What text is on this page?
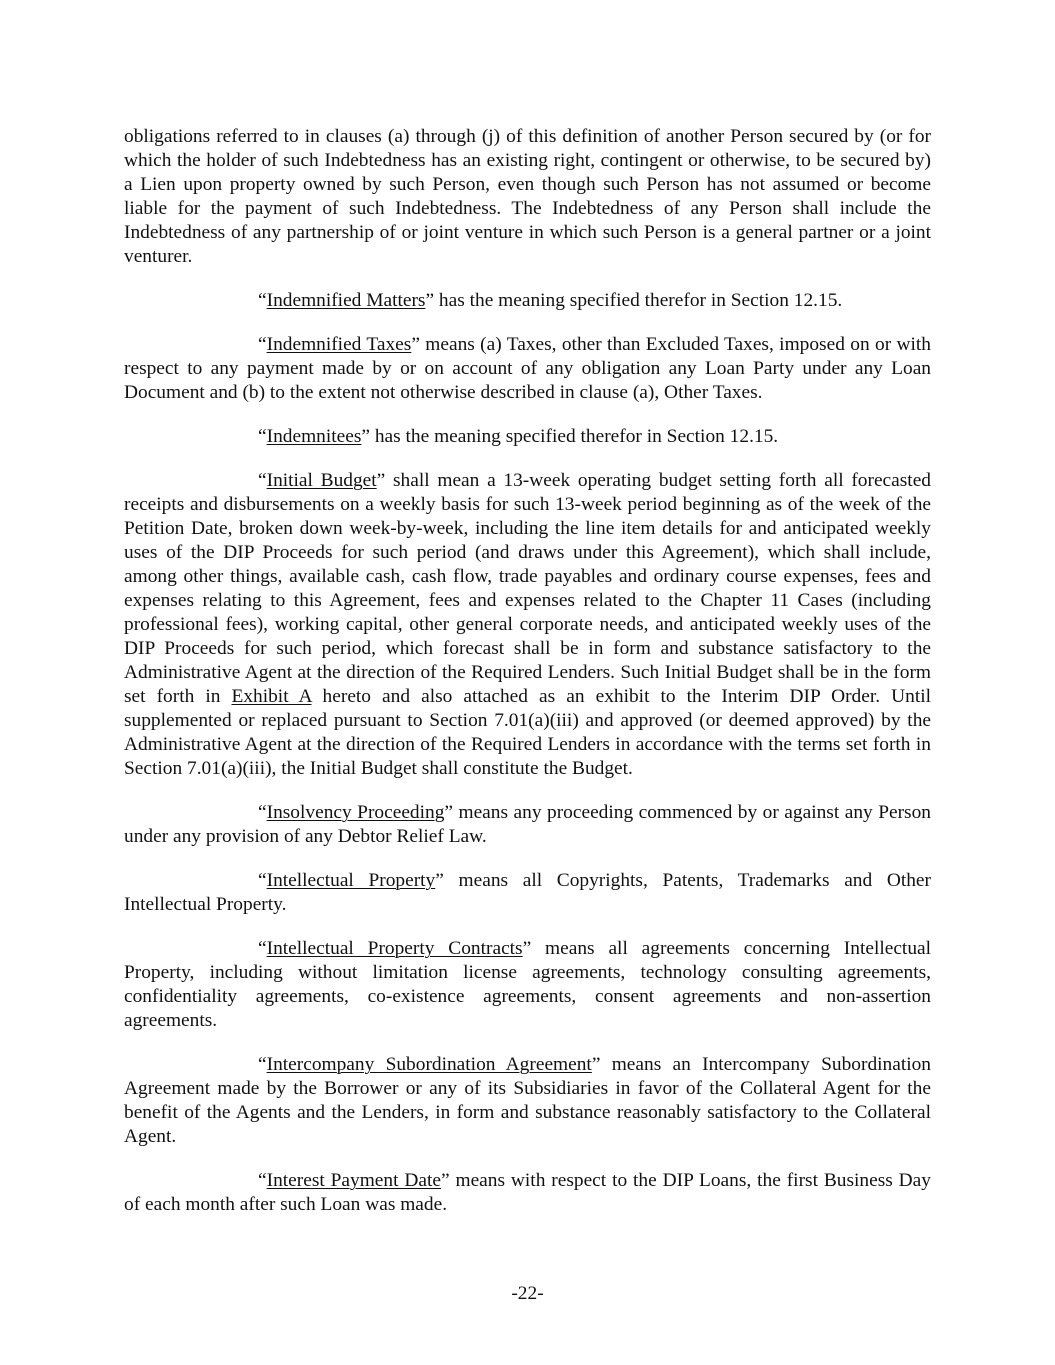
obligations referred to in clauses (a) through (j) of this definition of another Person secured by (or for which the holder of such Indebtedness has an existing right, contingent or otherwise, to be secured by) a Lien upon property owned by such Person, even though such Person has not assumed or become liable for the payment of such Indebtedness. The Indebtedness of any Person shall include the Indebtedness of any partnership of or joint venture in which such Person is a general partner or a joint venturer.

“Indemnified Matters” has the meaning specified therefor in Section 12.15.

“Indemnified Taxes” means (a) Taxes, other than Excluded Taxes, imposed on or with respect to any payment made by or on account of any obligation any Loan Party under any Loan Document and (b) to the extent not otherwise described in clause (a), Other Taxes.

“Indemnitees” has the meaning specified therefor in Section 12.15.

“Initial Budget” shall mean a 13-week operating budget setting forth all forecasted receipts and disbursements on a weekly basis for such 13-week period beginning as of the week of the Petition Date, broken down week-by-week, including the line item details for and anticipated weekly uses of the DIP Proceeds for such period (and draws under this Agreement), which shall include, among other things, available cash, cash flow, trade payables and ordinary course expenses, fees and expenses relating to this Agreement, fees and expenses related to the Chapter 11 Cases (including professional fees), working capital, other general corporate needs, and anticipated weekly uses of the DIP Proceeds for such period, which forecast shall be in form and substance satisfactory to the Administrative Agent at the direction of the Required Lenders. Such Initial Budget shall be in the form set forth in Exhibit A hereto and also attached as an exhibit to the Interim DIP Order. Until supplemented or replaced pursuant to Section 7.01(a)(iii) and approved (or deemed approved) by the Administrative Agent at the direction of the Required Lenders in accordance with the terms set forth in Section 7.01(a)(iii), the Initial Budget shall constitute the Budget.

“Insolvency Proceeding” means any proceeding commenced by or against any Person under any provision of any Debtor Relief Law.

“Intellectual Property” means all Copyrights, Patents, Trademarks and Other Intellectual Property.

“Intellectual Property Contracts” means all agreements concerning Intellectual Property, including without limitation license agreements, technology consulting agreements, confidentiality agreements, co-existence agreements, consent agreements and non-assertion agreements.

“Intercompany Subordination Agreement” means an Intercompany Subordination Agreement made by the Borrower or any of its Subsidiaries in favor of the Collateral Agent for the benefit of the Agents and the Lenders, in form and substance reasonably satisfactory to the Collateral Agent.

“Interest Payment Date” means with respect to the DIP Loans, the first Business Day of each month after such Loan was made.

-22-
